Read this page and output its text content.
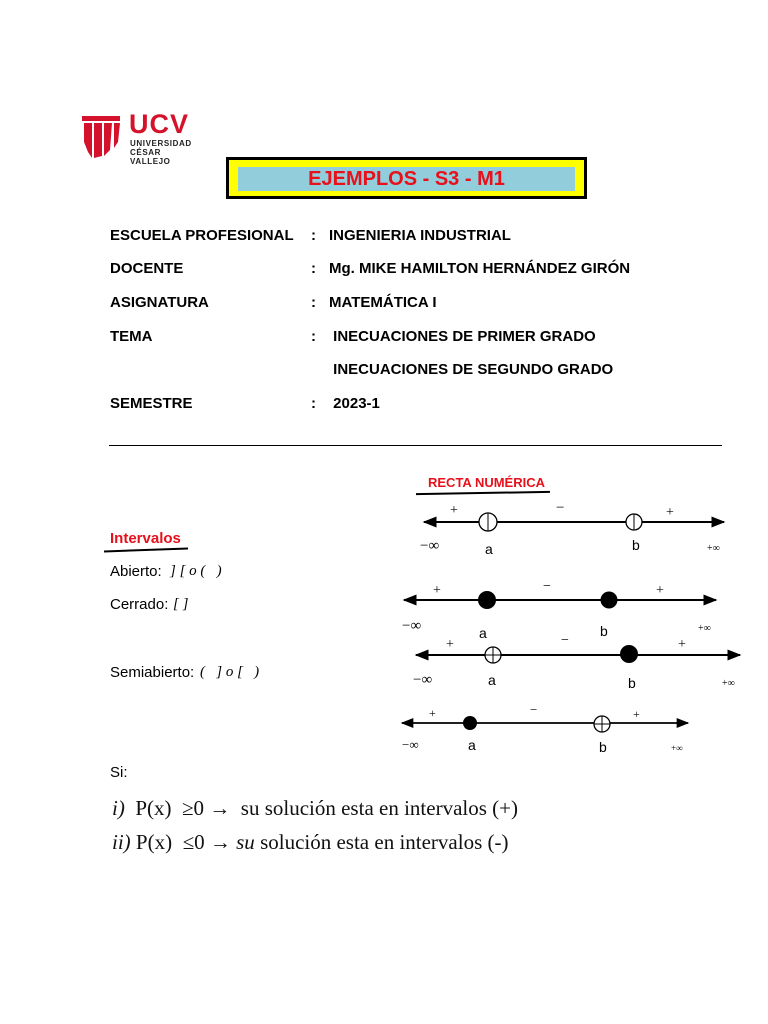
UCV
UNIVERSIDAD
CÉSAR VALLEJO
EJEMPLOS - S3 - M1
ESCUELA PROFESIONAL : INGENIERIA INDUSTRIAL
DOCENTE	: Mg. MIKE HAMILTON HERNÁNDEZ GIRÓN
ASIGNATURA	: MATEMÁTICA I
TEMA	: INECUACIONES DE PRIMER GRADO
INECUACIONES DE SEGUNDO GRADO
SEMESTRE	: 2023-1
RECTA NUMÉRICA
Intervalos
Abierto: ] [ o (   )
Cerrado: [ ]
Semiabierto: (   ] o [   )
+	−	+
a	b
−∞	+∞
+	−	+
a	b
−∞	+∞
+	−	+
a	b
−∞	+∞
+	−	+
a	b
−∞	+∞
Si:
i) P(x)  ≥0 →  su solución esta en intervalos (+)
ii) P(x)  ≤0 → su solución esta en intervalos (-)
